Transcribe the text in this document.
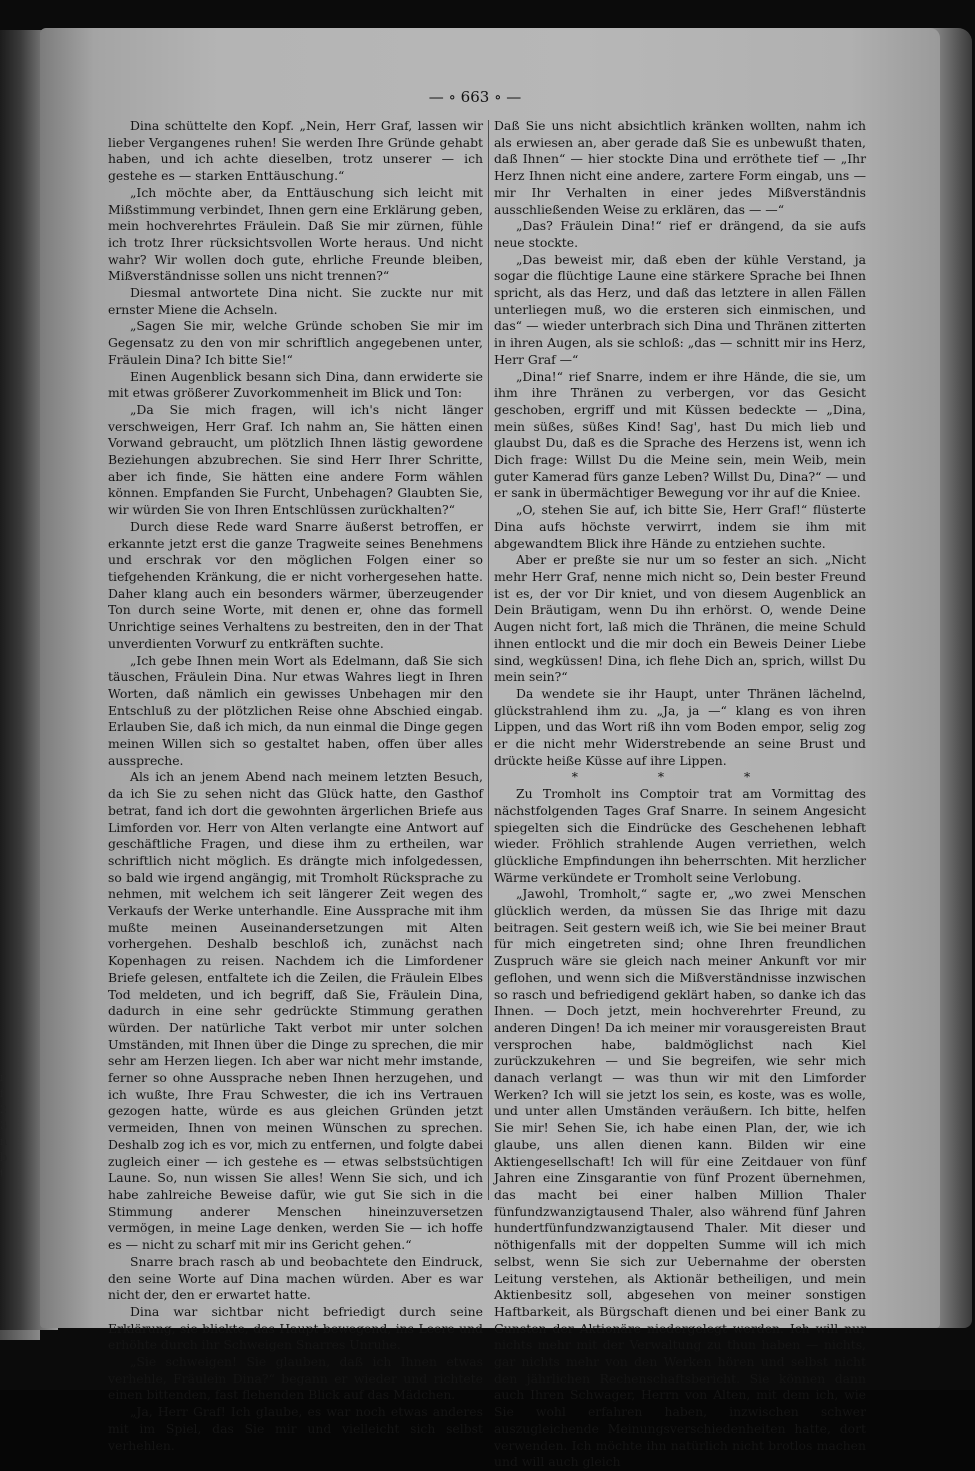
r
f
2
3
n
b
t
— ∘ 663 ∘ —

Dina schüttelte den Kopf. „Nein, Herr Graf, lassen wir lieber Vergangenes ruhen! Sie werden Ihre Gründe gehabt haben, und ich achte dieselben, trotz unserer — ich gestehe es — starken Enttäuschung.“

„Ich möchte aber, da Enttäuschung sich leicht mit Mißstimmung verbindet, Ihnen gern eine Erklärung geben, mein hochverehrtes Fräulein. Daß Sie mir zürnen, fühle ich trotz Ihrer rücksichtsvollen Worte heraus. Und nicht wahr? Wir wollen doch gute, ehrliche Freunde bleiben, Mißverständnisse sollen uns nicht trennen?“

Diesmal antwortete Dina nicht. Sie zuckte nur mit ernster Miene die Achseln.

„Sagen Sie mir, welche Gründe schoben Sie mir im Gegensatz zu den von mir schriftlich angegebenen unter, Fräulein Dina? Ich bitte Sie!“

Einen Augenblick besann sich Dina, dann erwiderte sie mit etwas größerer Zuvorkommenheit im Blick und Ton:

„Da Sie mich fragen, will ich's nicht länger verschweigen, Herr Graf. Ich nahm an, Sie hätten einen Vorwand gebraucht, um plötzlich Ihnen lästig gewordene Beziehungen abzubrechen. Sie sind Herr Ihrer Schritte, aber ich finde, Sie hätten eine andere Form wählen können. Empfanden Sie Furcht, Unbehagen? Glaubten Sie, wir würden Sie von Ihren Entschlüssen zurückhalten?“

Durch diese Rede ward Snarre äußerst betroffen, er erkannte jetzt erst die ganze Tragweite seines Benehmens und erschrak vor den möglichen Folgen einer so tiefgehenden Kränkung, die er nicht vorhergesehen hatte. Daher klang auch ein besonders wärmer, überzeugender Ton durch seine Worte, mit denen er, ohne das formell Unrichtige seines Verhaltens zu bestreiten, den in der That unverdienten Vorwurf zu entkräften suchte.

„Ich gebe Ihnen mein Wort als Edelmann, daß Sie sich täuschen, Fräulein Dina. Nur etwas Wahres liegt in Ihren Worten, daß nämlich ein gewisses Unbehagen mir den Entschluß zu der plötzlichen Reise ohne Abschied eingab. Erlauben Sie, daß ich mich, da nun einmal die Dinge gegen meinen Willen sich so gestaltet haben, offen über alles ausspreche.

Als ich an jenem Abend nach meinem letzten Besuch, da ich Sie zu sehen nicht das Glück hatte, den Gasthof betrat, fand ich dort die gewohnten ärgerlichen Briefe aus Limforden vor. Herr von Alten verlangte eine Antwort auf geschäftliche Fragen, und diese ihm zu ertheilen, war schriftlich nicht möglich. Es drängte mich infolgedessen, so bald wie irgend angängig, mit Tromholt Rücksprache zu nehmen, mit welchem ich seit längerer Zeit wegen des Verkaufs der Werke unterhandle. Eine Aussprache mit ihm mußte meinen Auseinandersetzungen mit Alten vorhergehen. Deshalb beschloß ich, zunächst nach Kopenhagen zu reisen. Nachdem ich die Limfordener Briefe gelesen, entfaltete ich die Zeilen, die Fräulein Elbes Tod meldeten, und ich begriff, daß Sie, Fräulein Dina, dadurch in eine sehr gedrückte Stimmung gerathen würden. Der natürliche Takt verbot mir unter solchen Umständen, mit Ihnen über die Dinge zu sprechen, die mir sehr am Herzen liegen. Ich aber war nicht mehr imstande, ferner so ohne Aussprache neben Ihnen herzugehen, und ich wußte, Ihre Frau Schwester, die ich ins Vertrauen gezogen hatte, würde es aus gleichen Gründen jetzt vermeiden, Ihnen von meinen Wünschen zu sprechen. Deshalb zog ich es vor, mich zu entfernen, und folgte dabei zugleich einer — ich gestehe es — etwas selbstsüchtigen Laune. So, nun wissen Sie alles! Wenn Sie sich, und ich habe zahlreiche Beweise dafür, wie gut Sie sich in die Stimmung anderer Menschen hineinzuversetzen vermögen, in meine Lage denken, werden Sie — ich hoffe es — nicht zu scharf mit mir ins Gericht gehen.“

Snarre brach rasch ab und beobachtete den Eindruck, den seine Worte auf Dina machen würden. Aber es war nicht der, den er erwartet hatte.

Dina war sichtbar nicht befriedigt durch seine Erklärung, sie blickte, das Haupt bewegend, ins Leere und erhöhte durch ihr Schweigen Snarres Unruhe.

„Sie schweigen! Sie glauben, daß ich Ihnen etwas verhehle, Fräulein Dina?“ begann er wieder und richtete einen bittenden, fast flehenden Blick auf das Mädchen.

„Ja, Herr Graf! Ich glaube, es war noch etwas anderes mit im Spiel, das Sie mir und vielleicht sich selbst verhehlen.

Daß Sie uns nicht absichtlich kränken wollten, nahm ich als erwiesen an, aber gerade daß Sie es unbewußt thaten, daß Ihnen“ — hier stockte Dina und erröthete tief — „Ihr Herz Ihnen nicht eine andere, zartere Form eingab, uns — mir Ihr Verhalten in einer jedes Mißverständnis ausschließenden Weise zu erklären, das — —“

„Das? Fräulein Dina!“ rief er drängend, da sie aufs neue stockte.

„Das beweist mir, daß eben der kühle Verstand, ja sogar die flüchtige Laune eine stärkere Sprache bei Ihnen spricht, als das Herz, und daß das letztere in allen Fällen unterliegen muß, wo die ersteren sich einmischen, und das“ — wieder unterbrach sich Dina und Thränen zitterten in ihren Augen, als sie schloß: „das — schnitt mir ins Herz, Herr Graf —“

„Dina!“ rief Snarre, indem er ihre Hände, die sie, um ihm ihre Thränen zu verbergen, vor das Gesicht geschoben, ergriff und mit Küssen bedeckte — „Dina, mein süßes, süßes Kind! Sag', hast Du mich lieb und glaubst Du, daß es die Sprache des Herzens ist, wenn ich Dich frage: Willst Du die Meine sein, mein Weib, mein guter Kamerad fürs ganze Leben? Willst Du, Dina?“ — und er sank in übermächtiger Bewegung vor ihr auf die Kniee.

„O, stehen Sie auf, ich bitte Sie, Herr Graf!“ flüsterte Dina aufs höchste verwirrt, indem sie ihm mit abgewandtem Blick ihre Hände zu entziehen suchte.

Aber er preßte sie nur um so fester an sich. „Nicht mehr Herr Graf, nenne mich nicht so, Dein bester Freund ist es, der vor Dir kniet, und von diesem Augenblick an Dein Bräutigam, wenn Du ihn erhörst. O, wende Deine Augen nicht fort, laß mich die Thränen, die meine Schuld ihnen entlockt und die mir doch ein Beweis Deiner Liebe sind, wegküssen! Dina, ich flehe Dich an, sprich, willst Du mein sein?“

Da wendete sie ihr Haupt, unter Thränen lächelnd, glückstrahlend ihm zu. „Ja, ja —“ klang es von ihren Lippen, und das Wort riß ihn vom Boden empor, selig zog er die nicht mehr Widerstrebende an seine Brust und drückte heiße Küsse auf ihre Lippen.

* * *

Zu Tromholt ins Comptoir trat am Vormittag des nächstfolgenden Tages Graf Snarre. In seinem Angesicht spiegelten sich die Eindrücke des Geschehenen lebhaft wieder. Fröhlich strahlende Augen verriethen, welch glückliche Empfindungen ihn beherrschten. Mit herzlicher Wärme verkündete er Tromholt seine Verlobung.

„Jawohl, Tromholt,“ sagte er, „wo zwei Menschen glücklich werden, da müssen Sie das Ihrige mit dazu beitragen. Seit gestern weiß ich, wie Sie bei meiner Braut für mich eingetreten sind; ohne Ihren freundlichen Zuspruch wäre sie gleich nach meiner Ankunft vor mir geflohen, und wenn sich die Mißverständnisse inzwischen so rasch und befriedigend geklärt haben, so danke ich das Ihnen. — Doch jetzt, mein hochverehrter Freund, zu anderen Dingen! Da ich meiner mir vorausgereisten Braut versprochen habe, baldmöglichst nach Kiel zurückzukehren — und Sie begreifen, wie sehr mich danach verlangt — was thun wir mit den Limforder Werken? Ich will sie jetzt los sein, es koste, was es wolle, und unter allen Umständen veräußern. Ich bitte, helfen Sie mir! Sehen Sie, ich habe einen Plan, der, wie ich glaube, uns allen dienen kann. Bilden wir eine Aktiengesellschaft! Ich will für eine Zeitdauer von fünf Jahren eine Zinsgarantie von fünf Prozent übernehmen, das macht bei einer halben Million Thaler fünfundzwanzigtausend Thaler, also während fünf Jahren hundertfünfundzwanzigtausend Thaler. Mit dieser und nöthigenfalls mit der doppelten Summe will ich mich selbst, wenn Sie sich zur Uebernahme der obersten Leitung verstehen, als Aktionär betheiligen, und mein Aktienbesitz soll, abgesehen von meiner sonstigen Haftbarkeit, als Bürgschaft dienen und bei einer Bank zu Gunsten der Aktionäre niedergelegt werden. Ich will nur nichts mehr mit der Verwaltung zu thun haben — nichts, gar nichts mehr von den Werken hören und selbst nicht den jährlichen Rechenschaftsbericht. Sie können dann auch Ihren Schwager, Herrn von Alten, mit dem ich, wie Sie wohl erfahren haben, inzwischen schwer auszugleichende Meinungsverschiedenheiten hatte, dort verwenden. Ich möchte ihn natürlich nicht brotlos machen und will auch gleich
